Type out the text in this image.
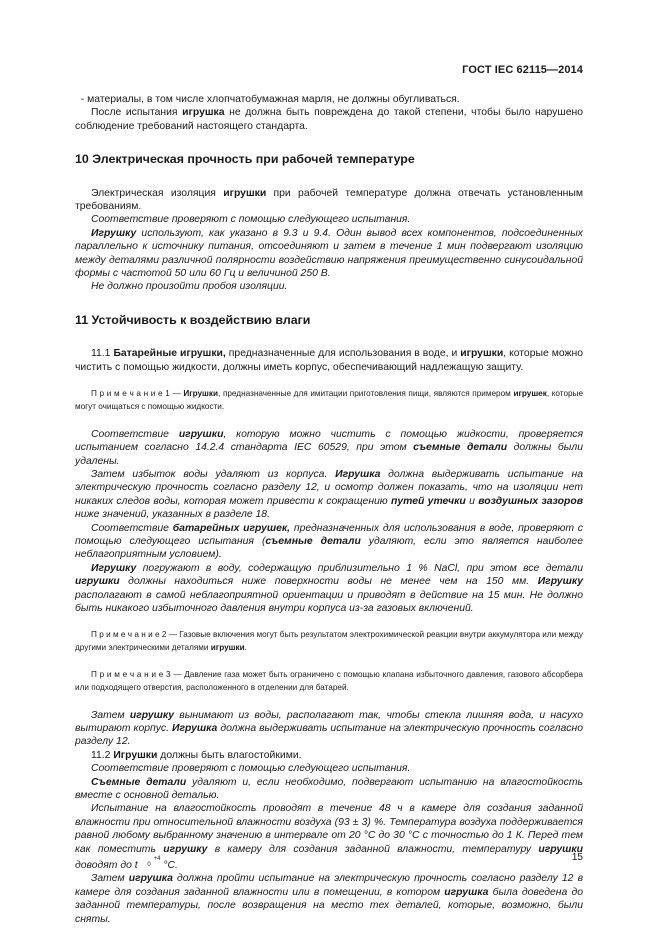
ГОСТ IEC 62115—2014

- материалы, в том числе хлопчатобумажная марля, не должны обугливаться.

После испытания игрушка не должна быть повреждена до такой степени, чтобы было нарушено соблюдение требований настоящего стандарта.

10 Электрическая прочность при рабочей температуре

Электрическая изоляция игрушки при рабочей температуре должна отвечать установленным требованиям.

Соответствие проверяют с помощью следующего испытания.

Игрушку используют, как указано в 9.3 и 9.4. Один вывод всех компонентов, подсоединенных параллельно к источнику питания, отсоединяют и затем в течение 1 мин подвергают изоляцию между деталями различной полярности воздействию напряжения преимущественно синусоидальной формы с частотой 50 или 60 Гц и величиной 250 В.

Не должно произойти пробоя изоляции.

11 Устойчивость к воздействию влаги

11.1 Батарейные игрушки, предназначенные для использования в воде, и игрушки, которые можно чистить с помощью жидкости, должны иметь корпус, обеспечивающий надлежащую защиту.

П р и м е ч а н и е 1 — Игрушки, предназначенные для имитации приготовления пищи, являются примером игрушек, которые могут очищаться с помощью жидкости.

Соответствие игрушки, которую можно чистить с помощью жидкости, проверяется испытанием согласно 14.2.4 стандарта IEC 60529, при этом съемные детали должны были удалены.

Затем избыток воды удаляют из корпуса. Игрушка должна выдерживать испытание на электрическую прочность согласно разделу 12, и осмотр должен показать, что на изоляции нет никаких следов воды, которая может привести к сокращению путей утечки и воздушных зазоров ниже значений, указанных в разделе 18.

Соответствие батарейных игрушек, предназначенных для использования в воде, проверяют с помощью следующего испытания (съемные детали удаляют, если это является наиболее неблагоприятным условием).

Игрушку погружают в воду, содержащую приблизительно 1 % NaCl, при этом все детали игрушки должны находиться ниже поверхности воды не менее чем на 150 мм. Игрушку располагают в самой неблагоприятной ориентации и приводят в действие на 15 мин. Не должно быть никакого избыточного давления внутри корпуса из-за газовых включений.

П р и м е ч а н и е 2 — Газовые включения могут быть результатом электрохимической реакции внутри аккумулятора или между другими электрическими деталями игрушки.

П р и м е ч а н и е 3 — Давление газа может быть ограничено с помощью клапана избыточного давления, газового абсорбера или подходящего отверстия, расположенного в отделении для батарей.

Затем игрушку вынимают из воды, располагают так, чтобы стекла лишняя вода, и насухо вытирают корпус. Игрушка должна выдерживать испытание на электрическую прочность согласно разделу 12.

11.2 Игрушки должны быть влагостойкими.

Соответствие проверяют с помощью следующего испытания.

Съемные детали удаляют и, если необходимо, подвергают испытанию на влагостойкость вместе с основной деталью.

Испытание на влагостойкость проводят в течение 48 ч в камере для создания заданной влажности при относительной влажности воздуха (93 ± 3) %. Температура воздуха поддерживается равной любому выбранному значению в интервале от 20 °С до 30 °С с точностью до 1 К. Перед тем как поместить игрушку в камеру для создания заданной влажности, температуру игрушки доводят до t+4
0 °С.

Затем игрушка должна пройти испытание на электрическую прочность согласно разделу 12 в камере для создания заданной влажности или в помещении, в котором игрушка была доведена до заданной температуры, после возвращения на место тех деталей, которые, возможно, были сняты.

15
